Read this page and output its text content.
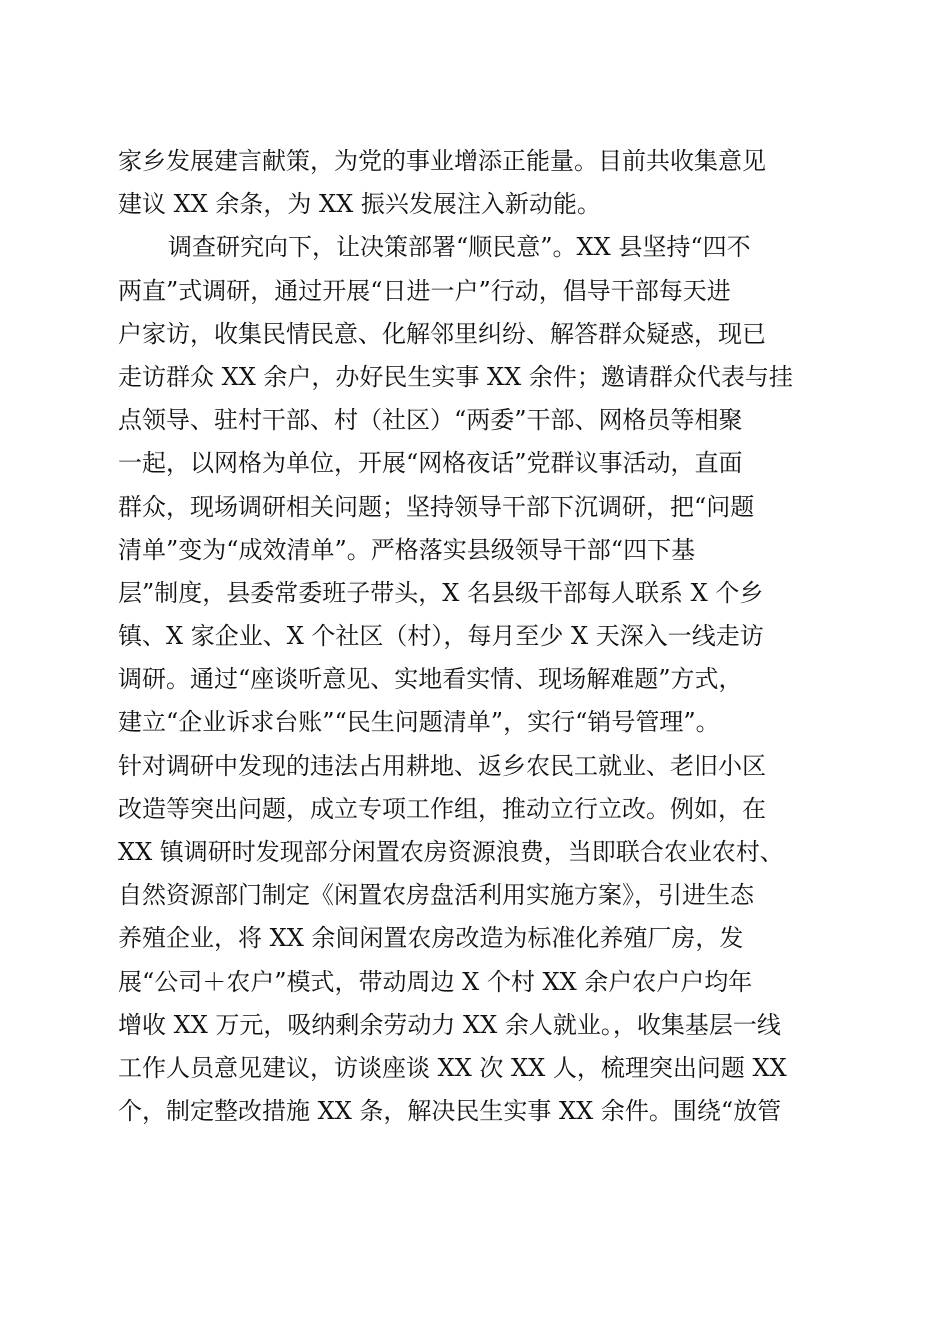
家乡发展建言献策，为党的事业增添正能量。目前共收集意见
建议 XX 余条，为 XX 振兴发展注入新动能。
调查研究向下，让决策部署“顺民意”。XX 县坚持“四不
两直”式调研，通过开展“日进一户”行动，倡导干部每天进
户家访，收集民情民意、化解邻里纠纷、解答群众疑惑，现已
走访群众 XX 余户，办好民生实事 XX 余件；邀请群众代表与挂
点领导、驻村干部、村（社区）“两委”干部、网格员等相聚
一起，以网格为单位，开展“网格夜话”党群议事活动，直面
群众，现场调研相关问题；坚持领导干部下沉调研，把“问题
清单”变为“成效清单”。严格落实县级领导干部“四下基
层”制度，县委常委班子带头，X 名县级干部每人联系 X 个乡
镇、X 家企业、X 个社区（村），每月至少 X 天深入一线走访
调研。通过“座谈听意见、实地看实情、现场解难题”方式，
建立“企业诉求台账”“民生问题清单”，实行“销号管理”。
针对调研中发现的违法占用耕地、返乡农民工就业、老旧小区
改造等突出问题，成立专项工作组，推动立行立改。例如，在
XX 镇调研时发现部分闲置农房资源浪费，当即联合农业农村、
自然资源部门制定《闲置农房盘活利用实施方案》，引进生态
养殖企业，将 XX 余间闲置农房改造为标准化养殖厂房，发
展“公司＋农户”模式，带动周边 X 个村 XX 余户农户户均年
增收 XX 万元，吸纳剩余劳动力 XX 余人就业。，收集基层一线
工作人员意见建议，访谈座谈 XX 次 XX 人，梳理突出问题 XX
个，制定整改措施 XX 条，解决民生实事 XX 余件。围绕“放管
